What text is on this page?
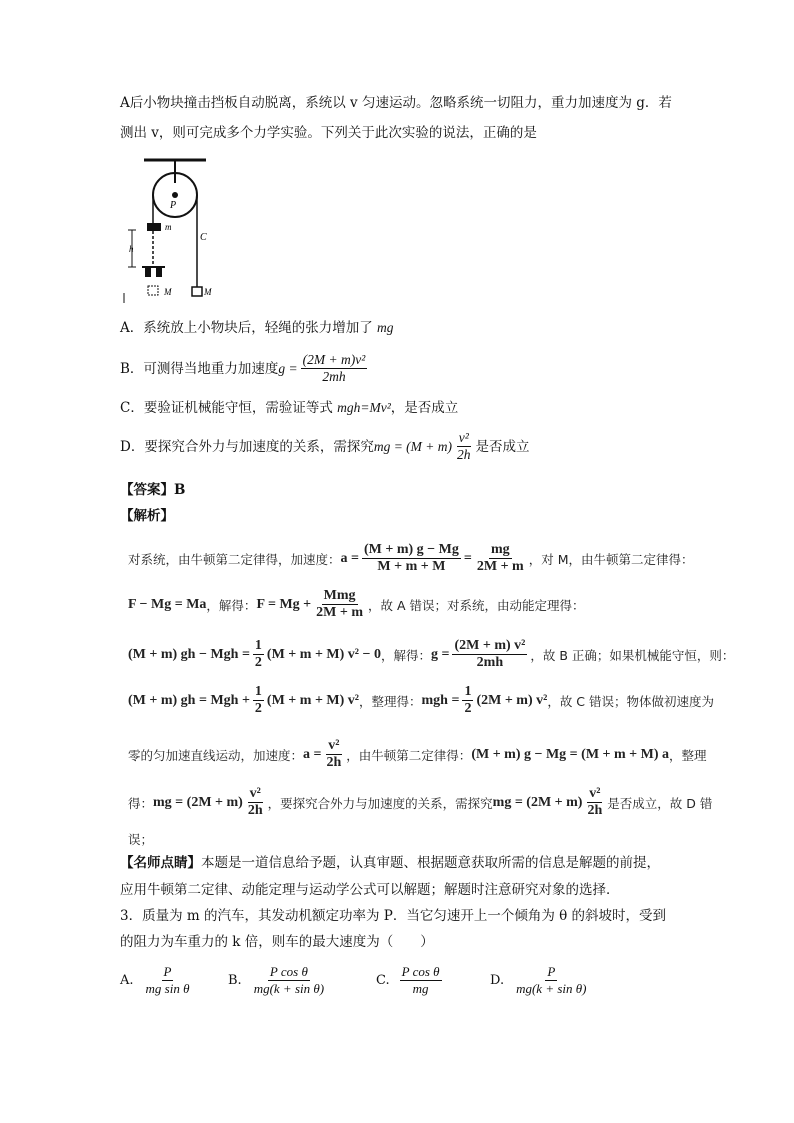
A后小物块撞击挡板自动脱离，系统以 v 匀速运动。忽略系统一切阻力，重力加速度为 g．若
测出 v，则可完成多个力学实验。下列关于此次实验的说法，正确的是
P
m
h
M
C
M
A．系统放上小物块后，轻绳的张力增加了 mg
B．可测得当地重力加速度 $g = \frac{\text{(2M + m)v²}}{2mh}$
C．要验证机械能守恒，需验证等式 mgh=Mv²，是否成立
D．要探究合外力与加速度的关系，需探究 mg = $(M + m) \frac{\text{v²}}{2h}$ 是否成立
【答案】B
【解析】
对系统，由牛顿第二定律得，加速度： $a = \frac{(M + m) g - Mg}{M + m + M} = \frac{mg}{2M + m}$ ，对 M，由牛顿第二定律得：
F − Mg = Ma ，解得： $F = Mg + \frac{\text{Mmg}}{2M + m}$ ，故 A 错误；对系统，由动能定理得：
(M + m) gh − Mgh = $\frac{1}{2} (M + m + M) v^2 - 0$ ，解得： $g = \frac{\text{(2M + m) v²}}{2mh}$ ，故 B 正确；如果机械能守恒，则：
(M + m) gh = Mgh + $\frac{1}{2} (M + m + M)$ v² ，整理得： mgh = $\frac{1}{2} (2M + m)$ v² ，故 C 错误；物体做初速度为
零的匀加速直线运动，加速度： $a = \frac{\text{v²}}{2h}$ ，由牛顿第二定律得： (M + m) g − Mg = (M + m + M) a ，整理
得： mg = $(2M + m) \frac{\text{v²}}{2h}$ ，要探究合外力与加速度的关系，需探究 mg = $(2M + m) \frac{\text{v²}}{2h}$ 是否成立，故 D 错
误；
【名师点睛】本题是一道信息给予题，认真审题、根据题意获取所需的信息是解题的前提，
应用牛顿第二定律、动能定理与运动学公式可以解题；解题时注意研究对象的选择．
3．质量为 m 的汽车，其发动机额定功率为 P．当它匀速开上一个倾角为 θ 的斜坡时，受到
的阻力为车重力的 k 倍，则车的最大速度为（　　）
A. $\frac{P}{\text{mg sin θ}}$	B. $\frac{\text{P cos θ}}{\text{mg(k + sin θ)}}$	C. $\frac{\text{P cos θ}}{mg}$	D. $\frac{P}{\text{mg(k + sin θ)}}$
